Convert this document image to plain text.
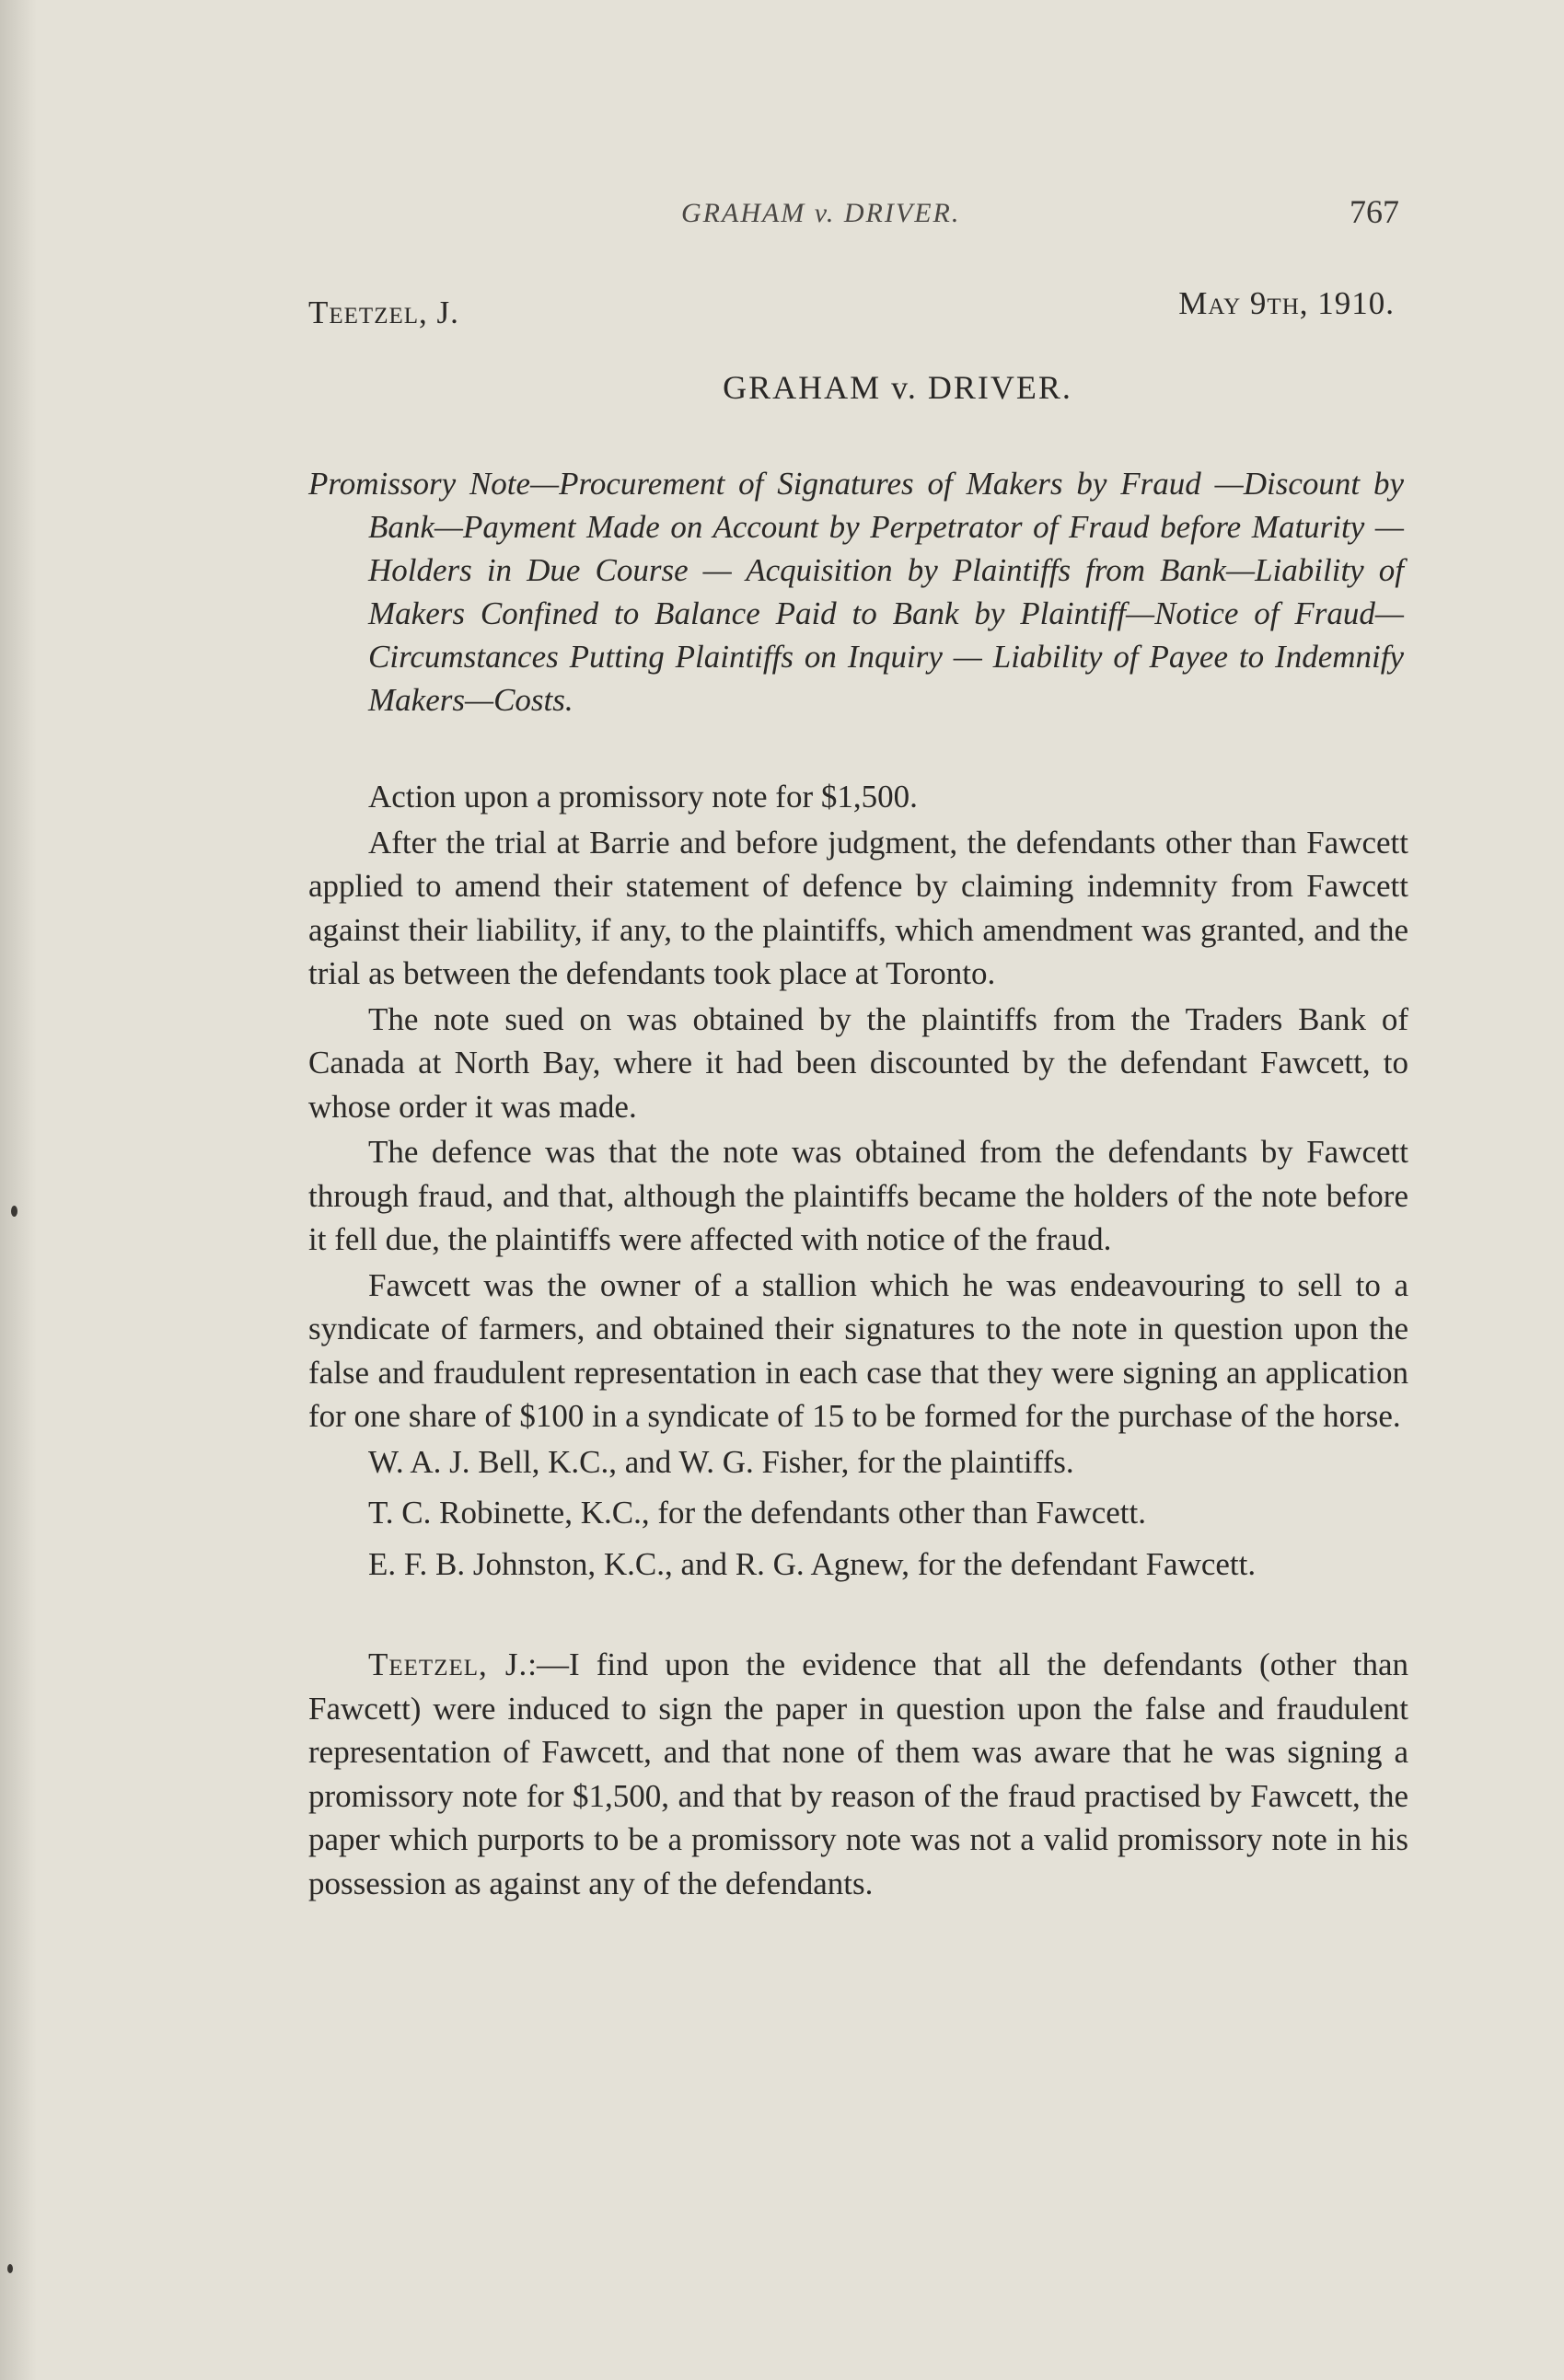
GRAHAM v. DRIVER.	767
Teetzel, J.	May 9th, 1910.
GRAHAM v. DRIVER.

Promissory Note—Procurement of Signatures of Makers by Fraud —Discount by Bank—Payment Made on Account by Perpetrator of Fraud before Maturity — Holders in Due Course — Acquisition by Plaintiffs from Bank—Liability of Makers Confined to Balance Paid to Bank by Plaintiff—Notice of Fraud—Circumstances Putting Plaintiffs on Inquiry — Liability of Payee to Indemnify Makers—Costs.

Action upon a promissory note for $1,500.

After the trial at Barrie and before judgment, the defendants other than Fawcett applied to amend their statement of defence by claiming indemnity from Fawcett against their liability, if any, to the plaintiffs, which amendment was granted, and the trial as between the defendants took place at Toronto.

The note sued on was obtained by the plaintiffs from the Traders Bank of Canada at North Bay, where it had been discounted by the defendant Fawcett, to whose order it was made.

The defence was that the note was obtained from the defendants by Fawcett through fraud, and that, although the plaintiffs became the holders of the note before it fell due, the plaintiffs were affected with notice of the fraud.

Fawcett was the owner of a stallion which he was endeavouring to sell to a syndicate of farmers, and obtained their signatures to the note in question upon the false and fraudulent representation in each case that they were signing an application for one share of $100 in a syndicate of 15 to be formed for the purchase of the horse.

W. A. J. Bell, K.C., and W. G. Fisher, for the plaintiffs.

T. C. Robinette, K.C., for the defendants other than Fawcett.

E. F. B. Johnston, K.C., and R. G. Agnew, for the defendant Fawcett.

Teetzel, J.:—I find upon the evidence that all the defendants (other than Fawcett) were induced to sign the paper in question upon the false and fraudulent representation of Fawcett, and that none of them was aware that he was signing a promissory note for $1,500, and that by reason of the fraud practised by Fawcett, the paper which purports to be a promissory note was not a valid promissory note in his possession as against any of the defendants.
